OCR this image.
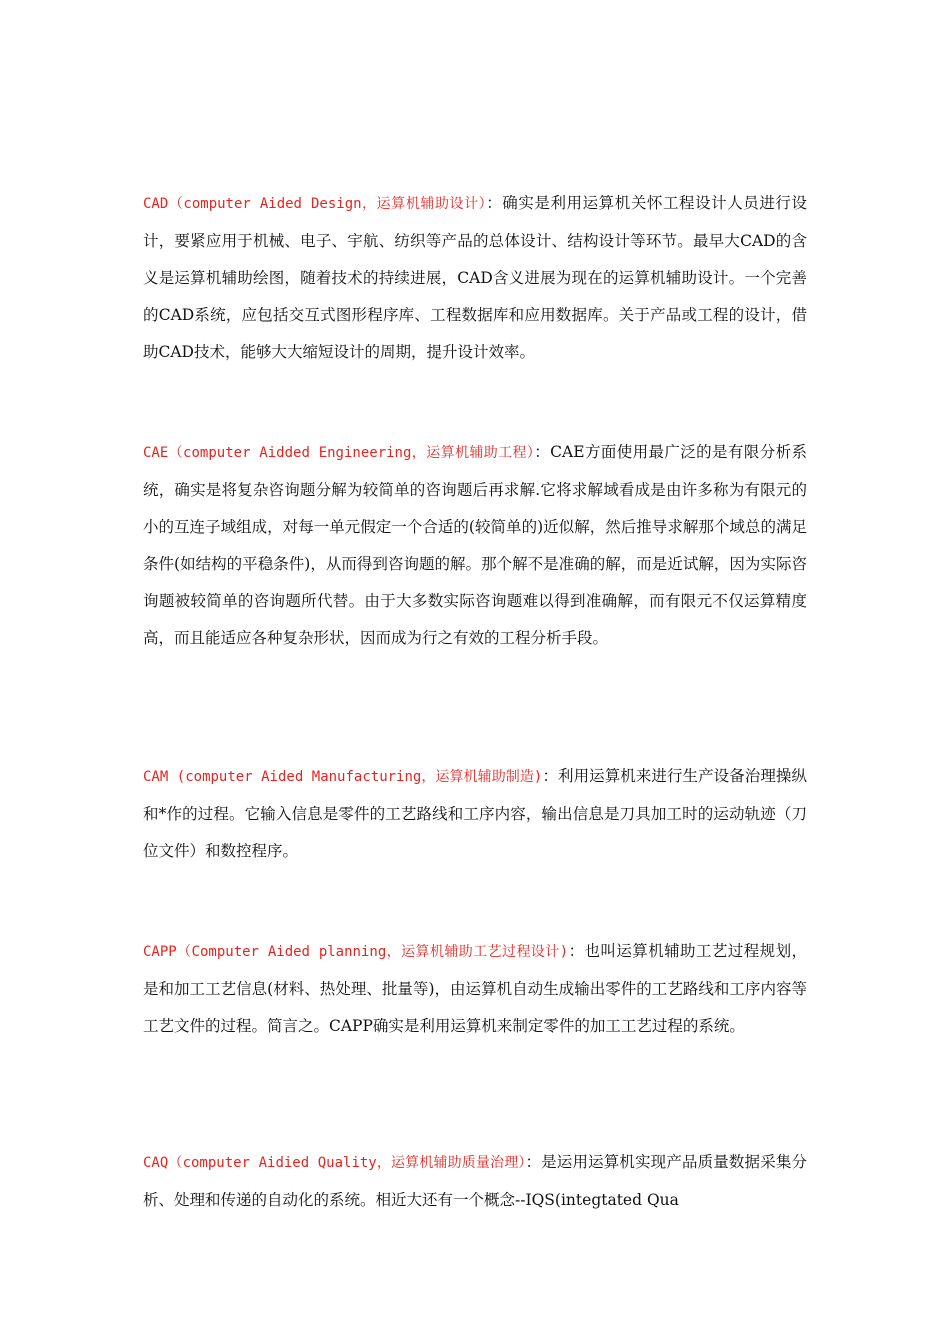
CAD（computer Aided Design，运算机辅助设计）：确实是利用运算机关怀工程设计人员进行设计，要紧应用于机械、电子、宇航、纺织等产品的总体设计、结构设计等环节。最早大CAD的含义是运算机辅助绘图，随着技术的持续进展，CAD含义进展为现在的运算机辅助设计。一个完善的CAD系统，应包括交互式图形程序库、工程数据库和应用数据库。关于产品或工程的设计，借助CAD技术，能够大大缩短设计的周期，提升设计效率。

CAE（computer Aidded Engineering，运算机辅助工程）：CAE方面使用最广泛的是有限分析系统，确实是将复杂咨询题分解为较简单的咨询题后再求解.它将求解域看成是由许多称为有限元的小的互连子域组成，对每一单元假定一个合适的(较简单的)近似解，然后推导求解那个域总的满足条件(如结构的平稳条件)，从而得到咨询题的解。那个解不是准确的解，而是近试解，因为实际咨询题被较简单的咨询题所代替。由于大多数实际咨询题难以得到准确解，而有限元不仅运算精度高，而且能适应各种复杂形状，因而成为行之有效的工程分析手段。

CAM (computer Aided Manufacturing，运算机辅助制造)：利用运算机来进行生产设备治理操纵和*作的过程。它输入信息是零件的工艺路线和工序内容，输出信息是刀具加工时的运动轨迹（刀位文件）和数控程序。

CAPP（Computer Aided planning，运算机辅助工艺过程设计)：也叫运算机辅助工艺过程规划，是和加工工艺信息(材料、热处理、批量等)，由运算机自动生成输出零件的工艺路线和工序内容等工艺文件的过程。简言之。CAPP确实是利用运算机来制定零件的加工工艺过程的系统。

CAQ（computer Aidied Quality，运算机辅助质量治理）：是运用运算机实现产品质量数据采集分析、处理和传递的自动化的系统。相近大还有一个概念--IQS(integtated Qua
